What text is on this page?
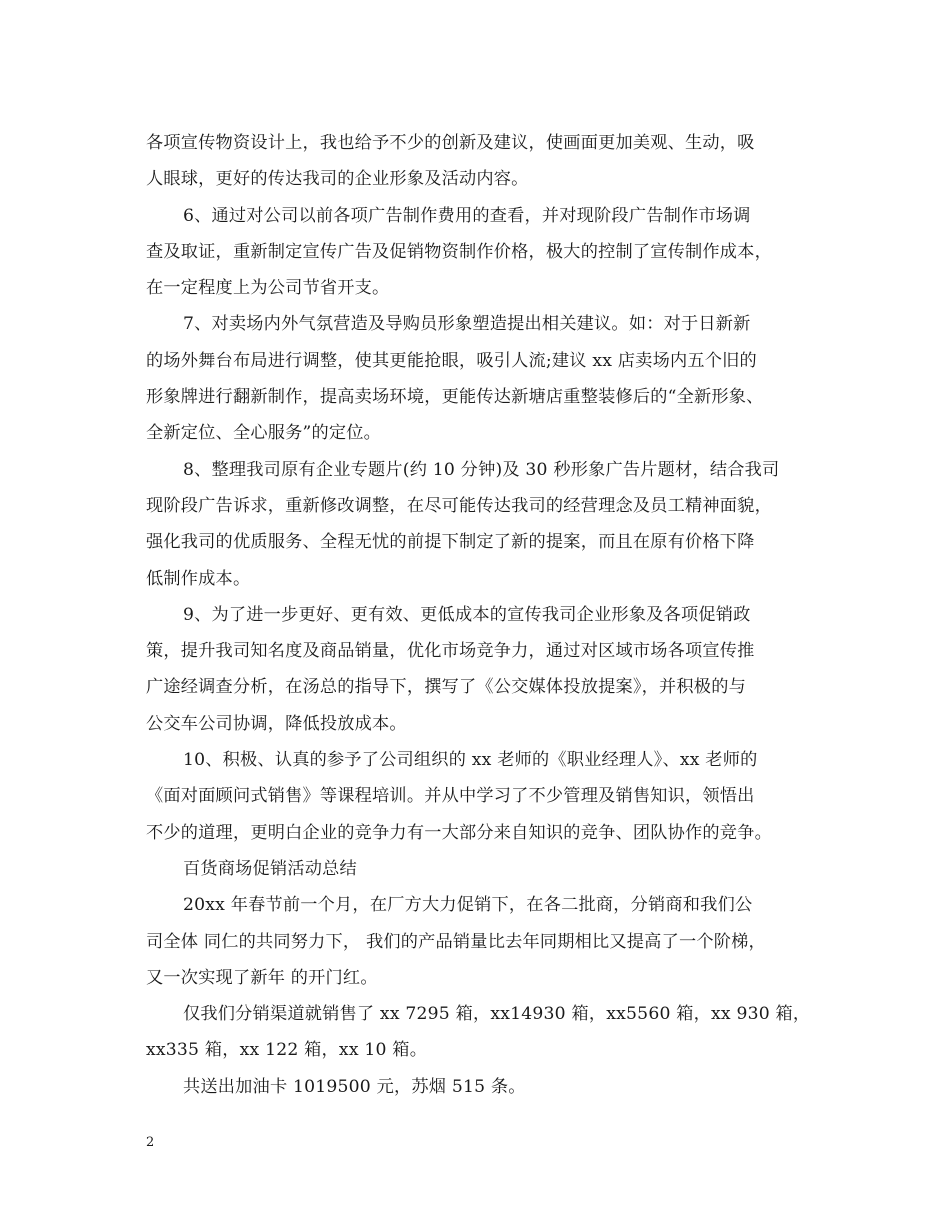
各项宣传物资设计上，我也给予不少的创新及建议，使画面更加美观、生动，吸
人眼球，更好的传达我司的企业形象及活动内容。
6、通过对公司以前各项广告制作费用的查看，并对现阶段广告制作市场调
查及取证，重新制定宣传广告及促销物资制作价格，极大的控制了宣传制作成本，
在一定程度上为公司节省开支。
7、对卖场内外气氛营造及导购员形象塑造提出相关建议。如：对于日新新
的场外舞台布局进行调整，使其更能抢眼，吸引人流;建议 xx 店卖场内五个旧的
形象牌进行翻新制作，提高卖场环境，更能传达新塘店重整装修后的“全新形象、
全新定位、全心服务”的定位。
8、整理我司原有企业专题片(约 10 分钟)及 30 秒形象广告片题材，结合我司
现阶段广告诉求，重新修改调整，在尽可能传达我司的经营理念及员工精神面貌，
强化我司的优质服务、全程无忧的前提下制定了新的提案，而且在原有价格下降
低制作成本。
9、为了进一步更好、更有效、更低成本的宣传我司企业形象及各项促销政
策，提升我司知名度及商品销量，优化市场竞争力，通过对区域市场各项宣传推
广途经调查分析，在汤总的指导下，撰写了《公交媒体投放提案》，并积极的与
公交车公司协调，降低投放成本。
10、积极、认真的参予了公司组织的 xx 老师的《职业经理人》、xx 老师的
《面对面顾问式销售》等课程培训。并从中学习了不少管理及销售知识，领悟出
不少的道理，更明白企业的竞争力有一大部分来自知识的竞争、团队协作的竞争。
百货商场促销活动总结
20xx 年春节前一个月，在厂方大力促销下，在各二批商，分销商和我们公
司全体 同仁的共同努力下， 我们的产品销量比去年同期相比又提高了一个阶梯，
又一次实现了新年 的开门红。
仅我们分销渠道就销售了 xx 7295 箱，xx14930 箱，xx5560 箱，xx 930 箱，
xx335 箱，xx 122 箱，xx 10 箱。
共送出加油卡 1019500 元，苏烟 515 条。
2
